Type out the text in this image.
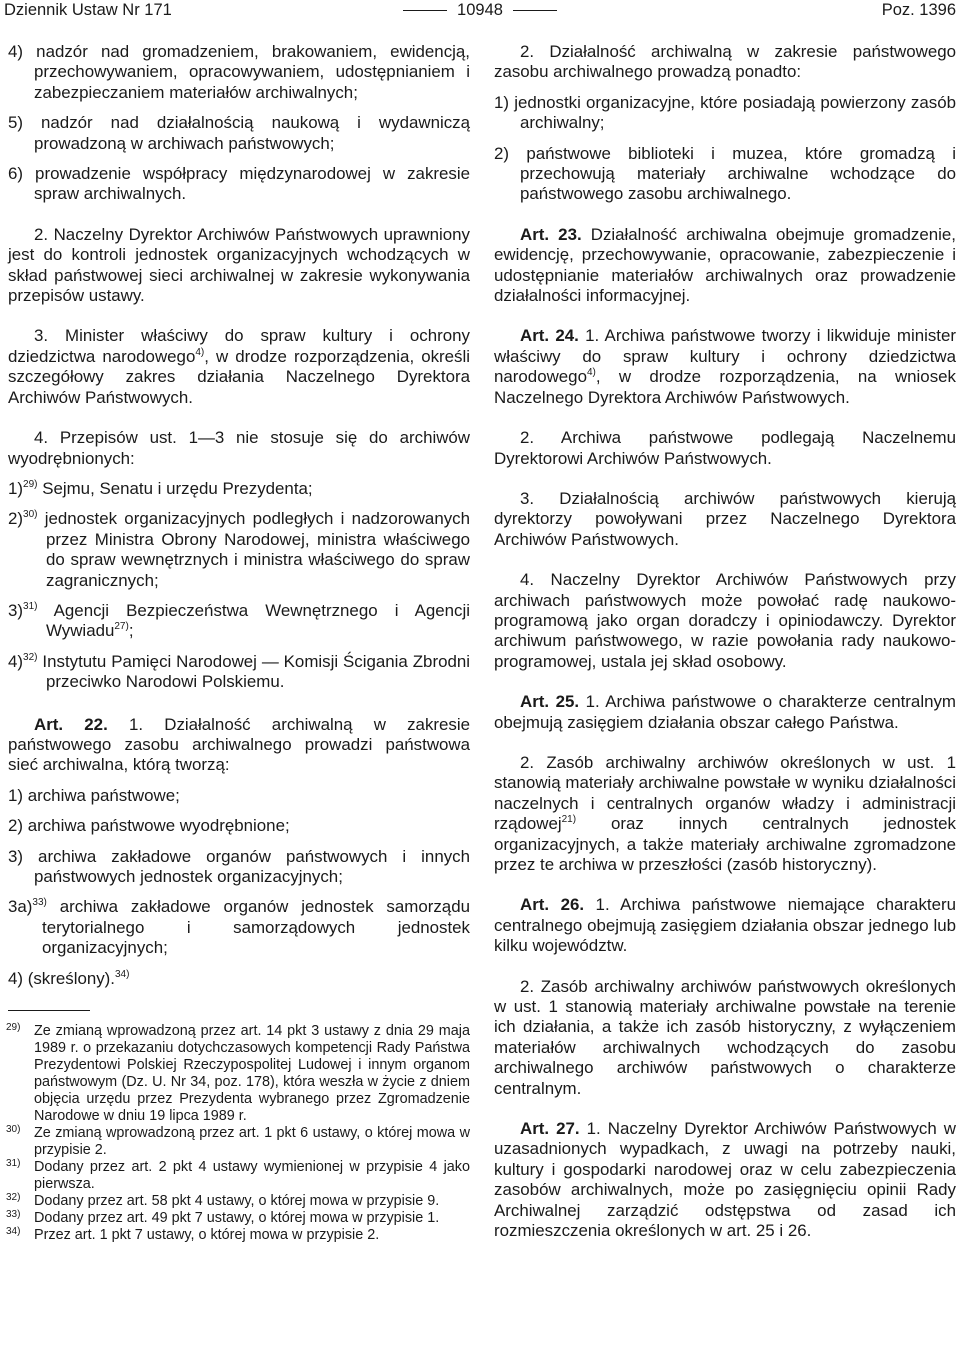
Dziennik Ustaw Nr 171	10948	Poz. 1396

4) nadzór nad gromadzeniem, brakowaniem, ewidencją, przechowywaniem, opracowywaniem, udostępnianiem i zabezpieczaniem materiałów archiwalnych;

5) nadzór nad działalnością naukową i wydawniczą prowadzoną w archiwach państwowych;

6) prowadzenie współpracy międzynarodowej w zakresie spraw archiwalnych.

2. Naczelny Dyrektor Archiwów Państwowych uprawniony jest do kontroli jednostek organizacyjnych wchodzących w skład państwowej sieci archiwalnej w zakresie wykonywania przepisów ustawy.

3. Minister właściwy do spraw kultury i ochrony dziedzictwa narodowego$^{4)}$, w drodze rozporządzenia, określi szczegółowy zakres działania Naczelnego Dyrektora Archiwów Państwowych.

4. Przepisów ust. 1—3 nie stosuje się do archiwów wyodrębnionych:

1)$^{29)}$ Sejmu, Senatu i urzędu Prezydenta;

2)$^{30)}$ jednostek organizacyjnych podległych i nadzorowanych przez Ministra Obrony Narodowej, ministra właściwego do spraw wewnętrznych i ministra właściwego do spraw zagranicznych;

3)$^{31)}$ Agencji Bezpieczeństwa Wewnętrznego i Agencji Wywiadu$^{27)}$;

4)$^{32)}$ Instytutu Pamięci Narodowej — Komisji Ścigania Zbrodni przeciwko Narodowi Polskiemu.

Art. 22. 1. Działalność archiwalną w zakresie państwowego zasobu archiwalnego prowadzi państwowa sieć archiwalna, którą tworzą:

1) archiwa państwowe;

2) archiwa państwowe wyodrębnione;

3) archiwa zakładowe organów państwowych i innych państwowych jednostek organizacyjnych;

3a)$^{33)}$ archiwa zakładowe organów jednostek samorządu terytorialnego i samorządowych jednostek organizacyjnych;

4) (skreślony).$^{34)}$

29) Ze zmianą wprowadzoną przez art. 14 pkt 3 ustawy z dnia 29 maja 1989 r. o przekazaniu dotychczasowych kompetencji Rady Państwa Prezydentowi Polskiej Rzeczypospolitej Ludowej i innym organom państwowym (Dz. U. Nr 34, poz. 178), która weszła w życie z dniem objęcia urzędu przez Prezydenta wybranego przez Zgromadzenie Narodowe w dniu 19 lipca 1989 r.
30) Ze zmianą wprowadzoną przez art. 1 pkt 6 ustawy, o której mowa w przypisie 2.
31) Dodany przez art. 2 pkt 4 ustawy wymienionej w przypisie 4 jako pierwsza.
32) Dodany przez art. 58 pkt 4 ustawy, o której mowa w przypisie 9.
33) Dodany przez art. 49 pkt 7 ustawy, o której mowa w przypisie 1.
34) Przez art. 1 pkt 7 ustawy, o której mowa w przypisie 2.

2. Działalność archiwalną w zakresie państwowego zasobu archiwalnego prowadzą ponadto:

1) jednostki organizacyjne, które posiadają powierzony zasób archiwalny;

2) państwowe biblioteki i muzea, które gromadzą i przechowują materiały archiwalne wchodzące do państwowego zasobu archiwalnego.

Art. 23. Działalność archiwalna obejmuje gromadzenie, ewidencję, przechowywanie, opracowanie, zabezpieczenie i udostępnianie materiałów archiwalnych oraz prowadzenie działalności informacyjnej.

Art. 24. 1. Archiwa państwowe tworzy i likwiduje minister właściwy do spraw kultury i ochrony dziedzictwa narodowego$^{4)}$, w drodze rozporządzenia, na wniosek Naczelnego Dyrektora Archiwów Państwowych.

2. Archiwa państwowe podlegają Naczelnemu Dyrektorowi Archiwów Państwowych.

3. Działalnością archiwów państwowych kierują dyrektorzy powoływani przez Naczelnego Dyrektora Archiwów Państwowych.

4. Naczelny Dyrektor Archiwów Państwowych przy archiwach państwowych może powołać radę naukowo-programową jako organ doradczy i opiniodawczy. Dyrektor archiwum państwowego, w razie powołania rady naukowo-programowej, ustala jej skład osobowy.

Art. 25. 1. Archiwa państwowe o charakterze centralnym obejmują zasięgiem działania obszar całego Państwa.

2. Zasób archiwalny archiwów określonych w ust. 1 stanowią materiały archiwalne powstałe w wyniku działalności naczelnych i centralnych organów władzy i administracji rządowej$^{21)}$ oraz innych centralnych jednostek organizacyjnych, a także materiały archiwalne zgromadzone przez te archiwa w przeszłości (zasób historyczny).

Art. 26. 1. Archiwa państwowe niemające charakteru centralnego obejmują zasięgiem działania obszar jednego lub kilku województw.

2. Zasób archiwalny archiwów państwowych określonych w ust. 1 stanowią materiały archiwalne powstałe na terenie ich działania, a także ich zasób historyczny, z wyłączeniem materiałów archiwalnych wchodzących do zasobu archiwalnego archiwów państwowych o charakterze centralnym.

Art. 27. 1. Naczelny Dyrektor Archiwów Państwowych w uzasadnionych wypadkach, z uwagi na potrzeby nauki, kultury i gospodarki narodowej oraz w celu zabezpieczenia zasobów archiwalnych, może po zasięgnięciu opinii Rady Archiwalnej zarządzić odstępstwa od zasad ich rozmieszczenia określonych w art. 25 i 26.
